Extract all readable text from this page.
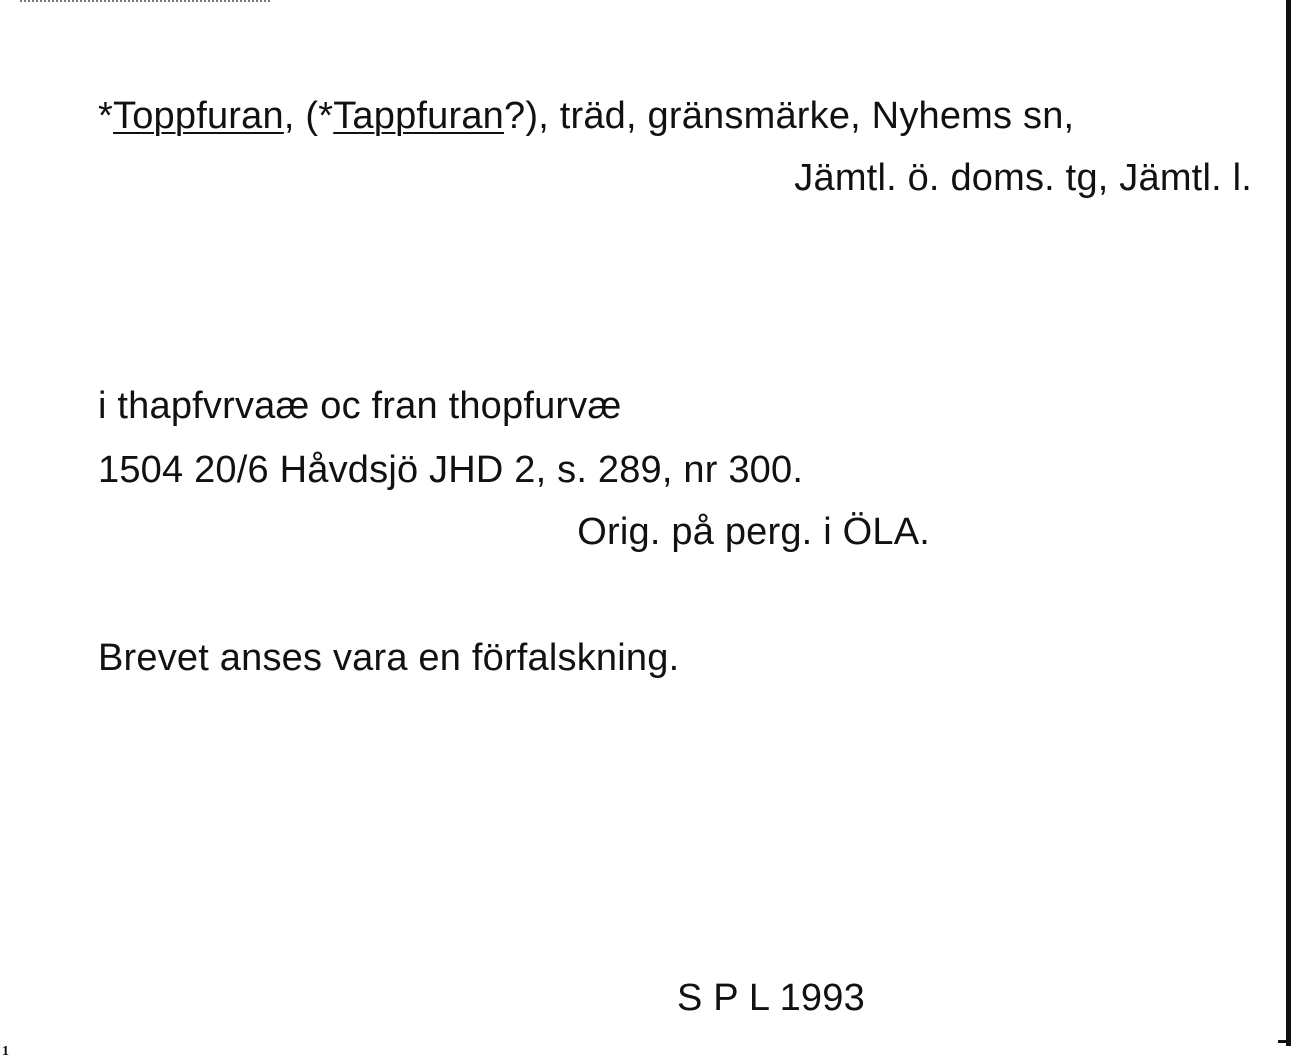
*Toppfuran, (*Tappfuran?), träd, gränsmärke, Nyhems sn,
Jämtl. ö. doms. tg, Jämtl. l.
i thapfvrvaæ oc fran thopfurvæ
1504 20/6 Håvdsjö JHD 2, s. 289, nr 300.
Orig. på perg. i ÖLA.
Brevet anses vara en förfalskning.
S P L 1993
1
